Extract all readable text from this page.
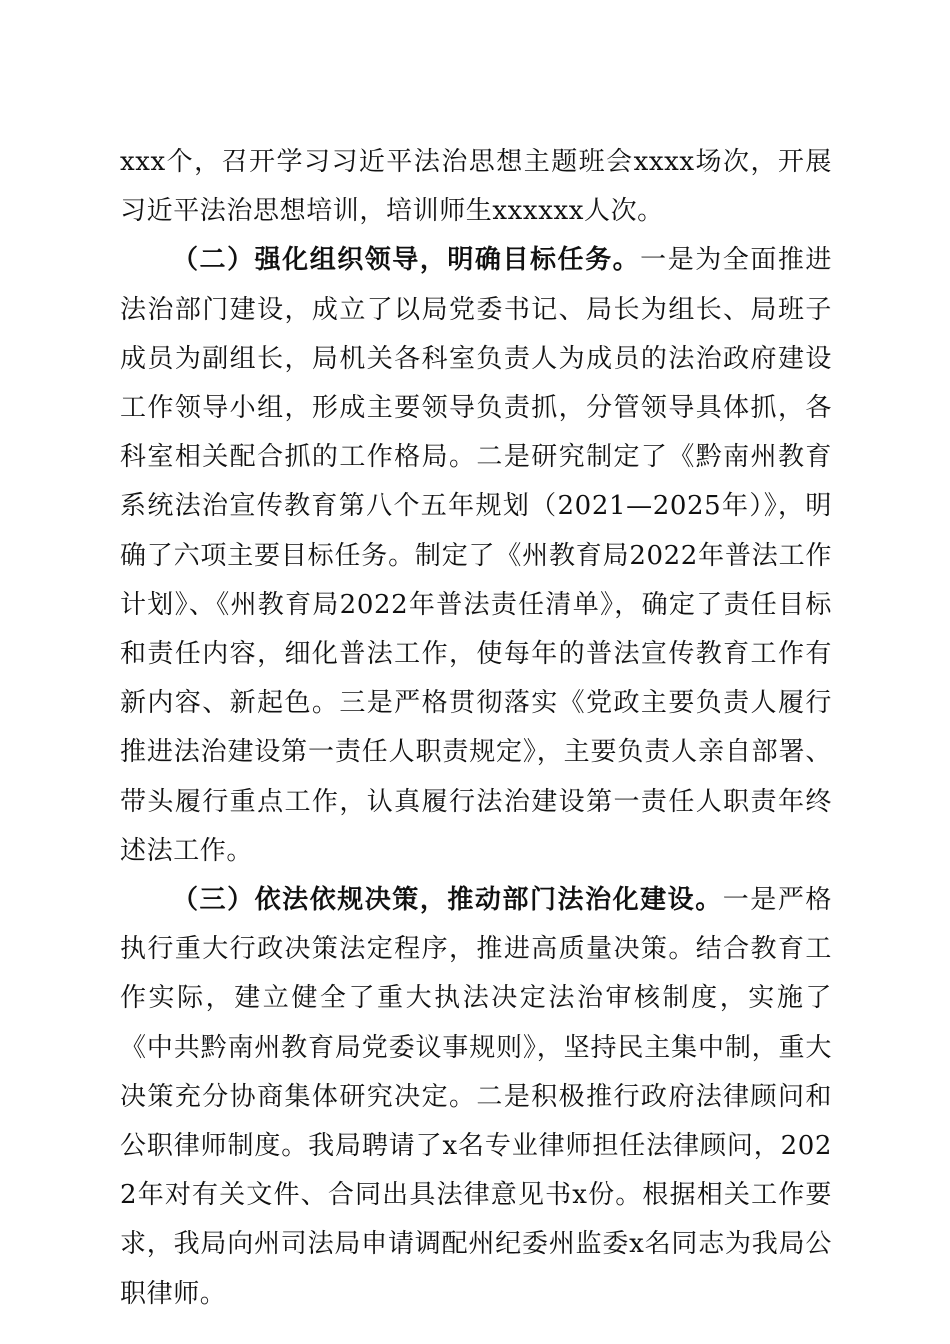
xxx个，召开学习习近平法治思想主题班会xxxx场次，开展习近平法治思想培训，培训师生xxxxxx人次。

（二）强化组织领导，明确目标任务。一是为全面推进法治部门建设，成立了以局党委书记、局长为组长、局班子成员为副组长，局机关各科室负责人为成员的法治政府建设工作领导小组，形成主要领导负责抓，分管领导具体抓，各科室相关配合抓的工作格局。二是研究制定了《黔南州教育系统法治宣传教育第八个五年规划（2021—2025年）》，明确了六项主要目标任务。制定了《州教育局2022年普法工作计划》、《州教育局2022年普法责任清单》，确定了责任目标和责任内容，细化普法工作，使每年的普法宣传教育工作有新内容、新起色。三是严格贯彻落实《党政主要负责人履行推进法治建设第一责任人职责规定》，主要负责人亲自部署、带头履行重点工作，认真履行法治建设第一责任人职责年终述法工作。

（三）依法依规决策，推动部门法治化建设。一是严格执行重大行政决策法定程序，推进高质量决策。结合教育工作实际，建立健全了重大执法决定法治审核制度，实施了《中共黔南州教育局党委议事规则》，坚持民主集中制，重大决策充分协商集体研究决定。二是积极推行政府法律顾问和公职律师制度。我局聘请了x名专业律师担任法律顾问，2022年对有关文件、合同出具法律意见书x份。根据相关工作要求，我局向州司法局申请调配州纪委州监委x名同志为我局公职律师。
